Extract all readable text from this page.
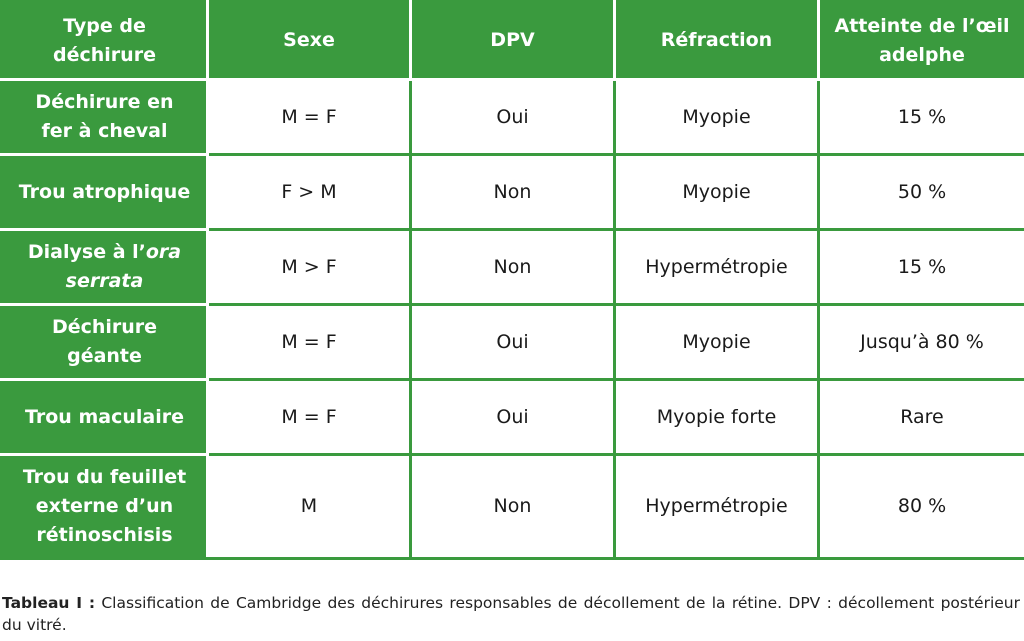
Type de déchirure	Sexe	DPV	Réfraction	Atteinte de l’œil adelphe
Déchirure en fer à cheval	M = F	Oui	Myopie	15 %
Trou atrophique	F > M	Non	Myopie	50 %
Dialyse à l’ora serrata	M > F	Non	Hypermétropie	15 %
Déchirure géante	M = F	Oui	Myopie	Jusqu’à 80 %
Trou maculaire	M = F	Oui	Myopie forte	Rare
Trou du feuillet externe d’un rétinoschisis	M	Non	Hypermétropie	80 %
Tableau I : Classification de Cambridge des déchirures responsables de décollement de la rétine. DPV : décollement postérieur du vitré.
